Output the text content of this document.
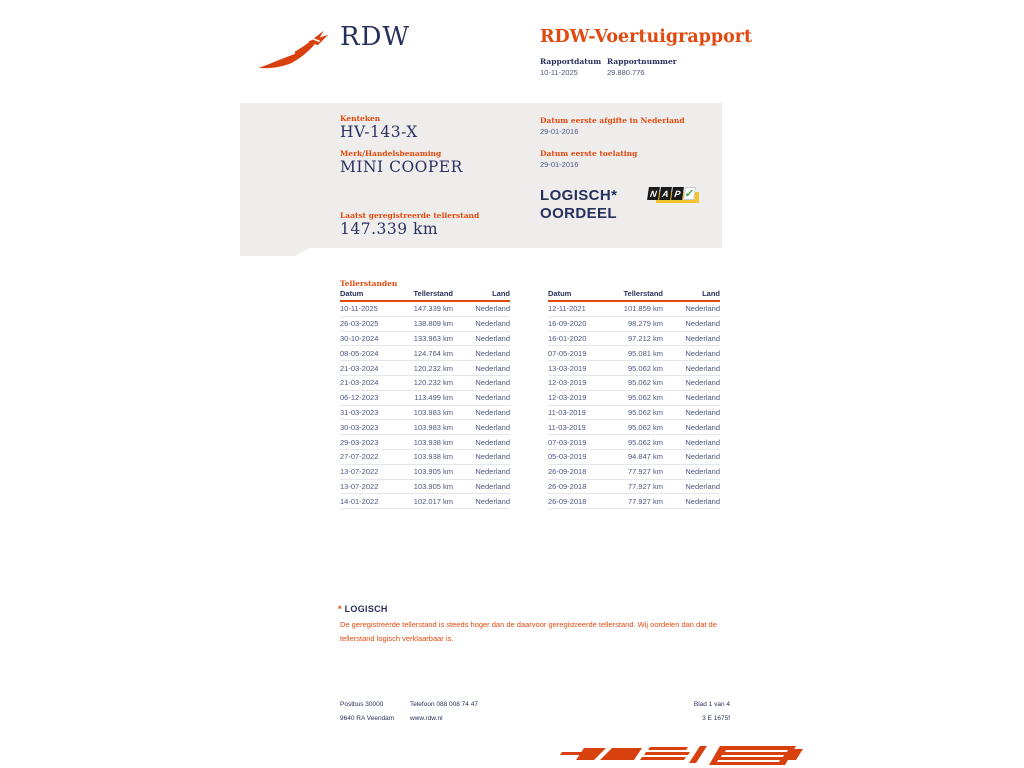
RDW	RDW-Voertuigrapport
Rapportdatum Rapportnummer
10-11-2025	29.880.776
Kenteken
HV-143-X
Merk/Handelsbenaming
MINI COOPER
Laatst geregistreerde tellerstand
147.339 km
Datum eerste afgifte in Nederland
29-01-2016
Datum eerste toelating
29-01-2016
LOGISCH*
OORDEEL
N A P ✓
Tellerstanden
Datum	Tellerstand	Land
10-11-2025	147.339 km	Nederland
26-03-2025	138.809 km	Nederland
30-10-2024	133.963 km	Nederland
08-05-2024	124.764 km	Nederland
21-03-2024	120.232 km	Nederland
21-03-2024	120.232 km	Nederland
06-12-2023	113.499 km	Nederland
31-03-2023	103.983 km	Nederland
30-03-2023	103.983 km	Nederland
29-03-2023	103.938 km	Nederland
27-07-2022	103.938 km	Nederland
13-07-2022	103.905 km	Nederland
13-07-2022	103.905 km	Nederland
14-01-2022	102.017 km	Nederland
Datum	Tellerstand	Land
12-11-2021	101.859 km	Nederland
16-09-2020	98.279 km	Nederland
16-01-2020	97.212 km	Nederland
07-05-2019	95.081 km	Nederland
13-03-2019	95.062 km	Nederland
12-03-2019	95.062 km	Nederland
12-03-2019	95.062 km	Nederland
11-03-2019	95.062 km	Nederland
11-03-2019	95.062 km	Nederland
07-03-2019	95.062 km	Nederland
05-03-2019	94.847 km	Nederland
26-09-2018	77.927 km	Nederland
26-09-2018	77.927 km	Nederland
26-09-2018	77.927 km	Nederland
* LOGISCH
De geregistreerde tellerstand is steeds hoger dan de daarvoor geregistreerde tellerstand. Wij oordelen dan dat de tellerstand logisch verklaarbaar is.
Postbus 30000
9640 RA Veendam
Telefoon 088 008 74 47
www.rdw.nl
Blad 1 van 4
3 E 1675f
